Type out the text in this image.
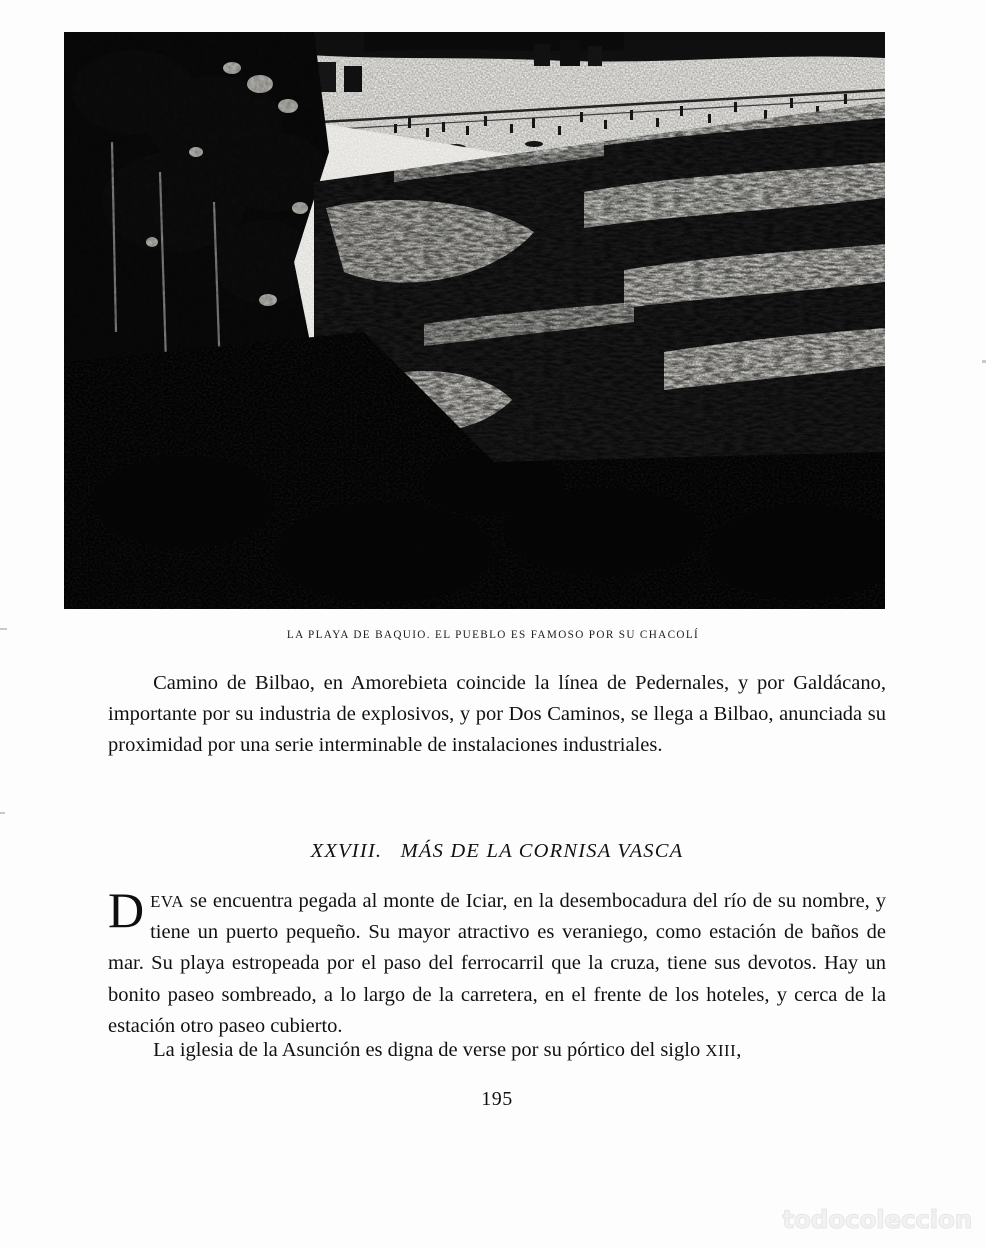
LA PLAYA DE BAQUIO. EL PUEBLO ES FAMOSO POR SU CHACOLÍ

Camino de Bilbao, en Amorebieta coincide la línea de Pedernales, y por Galdácano, importante por su industria de explosivos, y por Dos Caminos, se llega a Bilbao, anunciada su proximidad por una serie interminable de instalaciones industriales.

XXVIII. MÁS DE LA CORNISA VASCA

DEVA se encuentra pegada al monte de Iciar, en la desembocadura del río de su nombre, y tiene un puerto pequeño. Su mayor atractivo es veraniego, como estación de baños de mar. Su playa estropeada por el paso del ferrocarril que la cruza, tiene sus devotos. Hay un bonito paseo sombreado, a lo largo de la carretera, en el frente de los hoteles, y cerca de la estación otro paseo cubierto.

La iglesia de la Asunción es digna de verse por su pórtico del siglo XIII,

195
todocoleccion
